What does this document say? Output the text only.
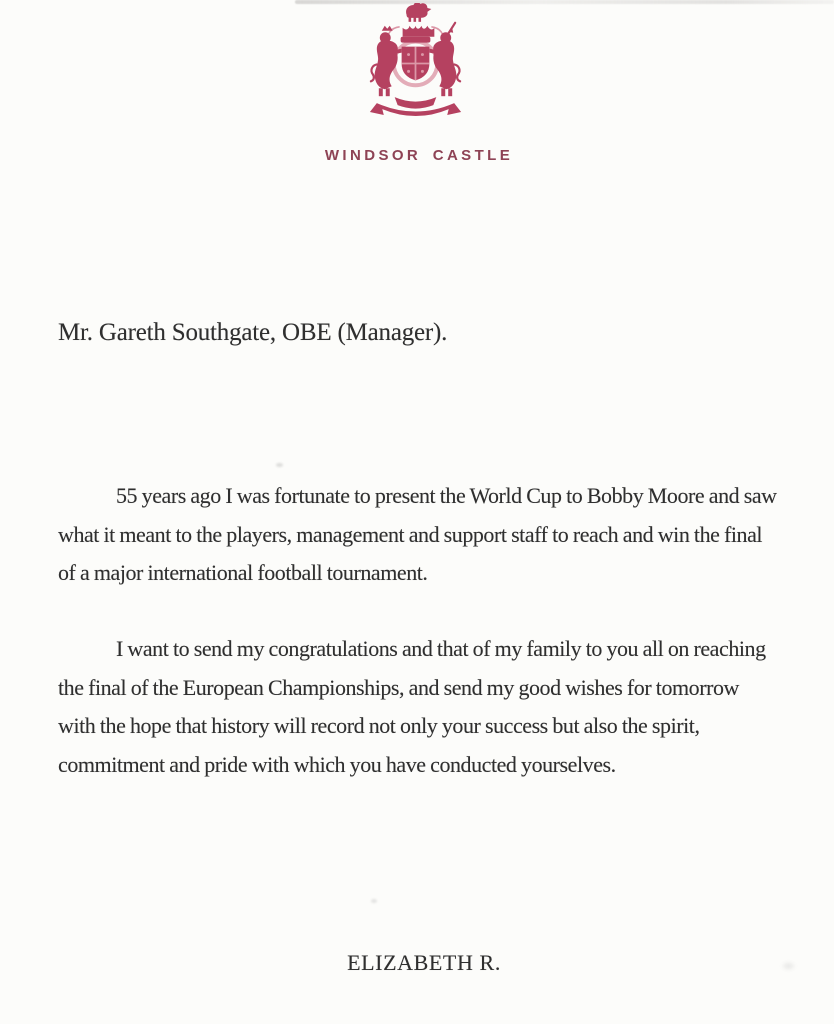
WINDSOR CASTLE
Mr. Gareth Southgate, OBE (Manager).

55 years ago I was fortunate to present the World Cup to Bobby Moore and saw what it meant to the players, management and support staff to reach and win the final of a major international football tournament.

I want to send my congratulations and that of my family to you all on reaching the final of the European Championships, and send my good wishes for tomorrow with the hope that history will record not only your success but also the spirit, commitment and pride with which you have conducted yourselves.

ELIZABETH R.
